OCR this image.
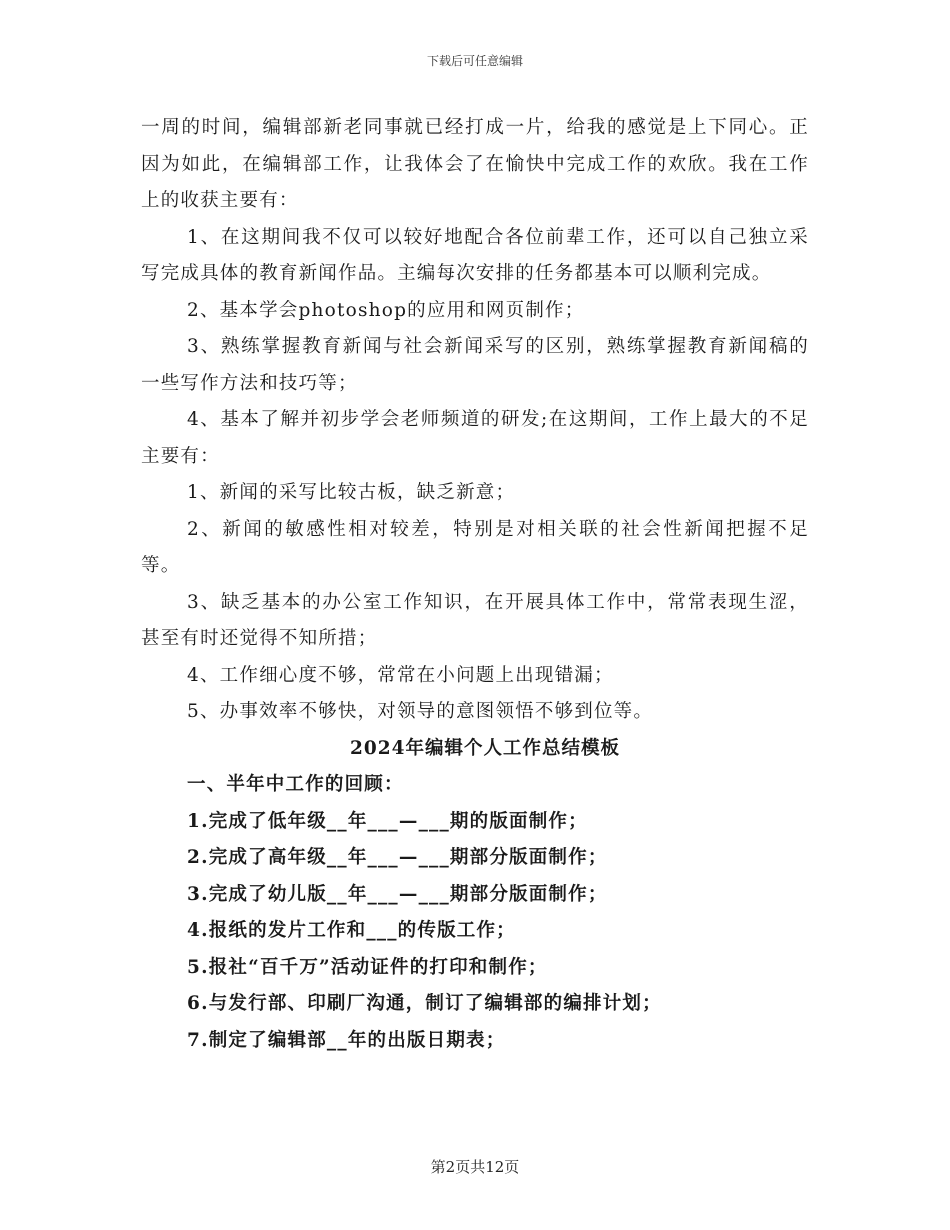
下载后可任意编辑

一周的时间，编辑部新老同事就已经打成一片，给我的感觉是上下同心。正因为如此，在编辑部工作，让我体会了在愉快中完成工作的欢欣。我在工作上的收获主要有：

1、在这期间我不仅可以较好地配合各位前辈工作，还可以自己独立采写完成具体的教育新闻作品。主编每次安排的任务都基本可以顺利完成。

2、基本学会photoshop的应用和网页制作；

3、熟练掌握教育新闻与社会新闻采写的区别，熟练掌握教育新闻稿的一些写作方法和技巧等；

4、基本了解并初步学会老师频道的研发;在这期间，工作上最大的不足主要有：

1、新闻的采写比较古板，缺乏新意；

2、新闻的敏感性相对较差，特别是对相关联的社会性新闻把握不足等。

3、缺乏基本的办公室工作知识，在开展具体工作中，常常表现生涩，甚至有时还觉得不知所措；

4、工作细心度不够，常常在小问题上出现错漏；

5、办事效率不够快，对领导的意图领悟不够到位等。

2024年编辑个人工作总结模板

一、半年中工作的回顾：

1.完成了低年级__年___—___期的版面制作；

2.完成了高年级__年___—___期部分版面制作；

3.完成了幼儿版__年___—___期部分版面制作；

4.报纸的发片工作和___的传版工作；

5.报社“百千万”活动证件的打印和制作；

6.与发行部、印刷厂沟通，制订了编辑部的编排计划；

7.制定了编辑部__年的出版日期表；

第2页共12页
